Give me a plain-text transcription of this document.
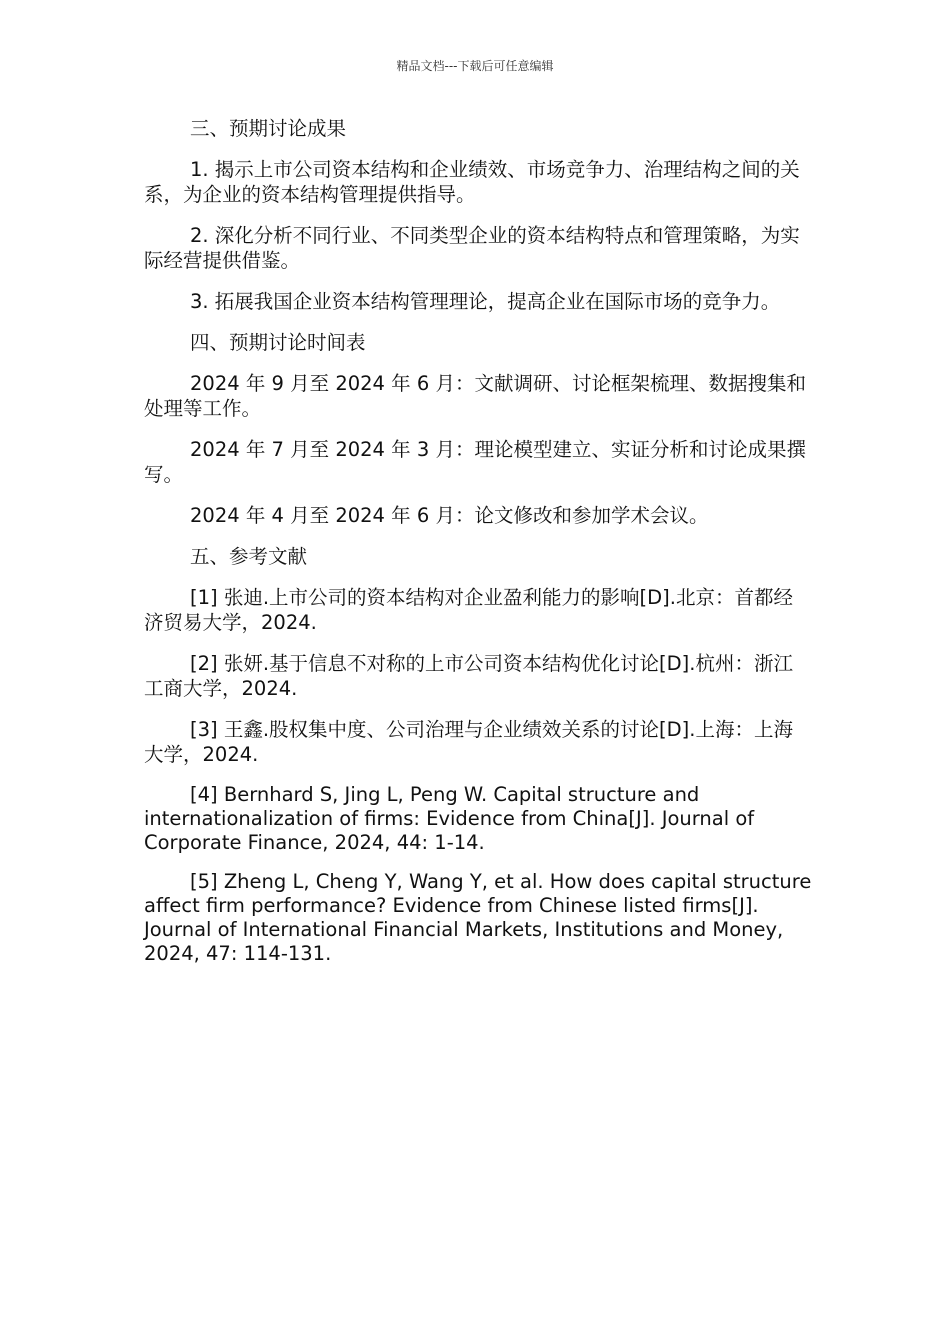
精品文档---下载后可任意编辑

三、预期讨论成果

1. 揭示上市公司资本结构和企业绩效、市场竞争力、治理结构之间的关系，为企业的资本结构管理提供指导。

2. 深化分析不同行业、不同类型企业的资本结构特点和管理策略，为实际经营提供借鉴。

3. 拓展我国企业资本结构管理理论，提高企业在国际市场的竞争力。

四、预期讨论时间表

2024 年 9 月至 2024 年 6 月：文献调研、讨论框架梳理、数据搜集和处理等工作。

2024 年 7 月至 2024 年 3 月：理论模型建立、实证分析和讨论成果撰写。

2024 年 4 月至 2024 年 6 月：论文修改和参加学术会议。

五、参考文献

[1] 张迪.上市公司的资本结构对企业盈利能力的影响[D].北京：首都经济贸易大学，2024.

[2] 张妍.基于信息不对称的上市公司资本结构优化讨论[D].杭州：浙江工商大学，2024.

[3] 王鑫.股权集中度、公司治理与企业绩效关系的讨论[D].上海：上海大学，2024.

[4] Bernhard S, Jing L, Peng W. Capital structure and internationalization of firms: Evidence from China[J]. Journal of Corporate Finance, 2024, 44: 1-14.

[5] Zheng L, Cheng Y, Wang Y, et al. How does capital structure affect firm performance? Evidence from Chinese listed firms[J]. Journal of International Financial Markets, Institutions and Money, 2024, 47: 114-131.
